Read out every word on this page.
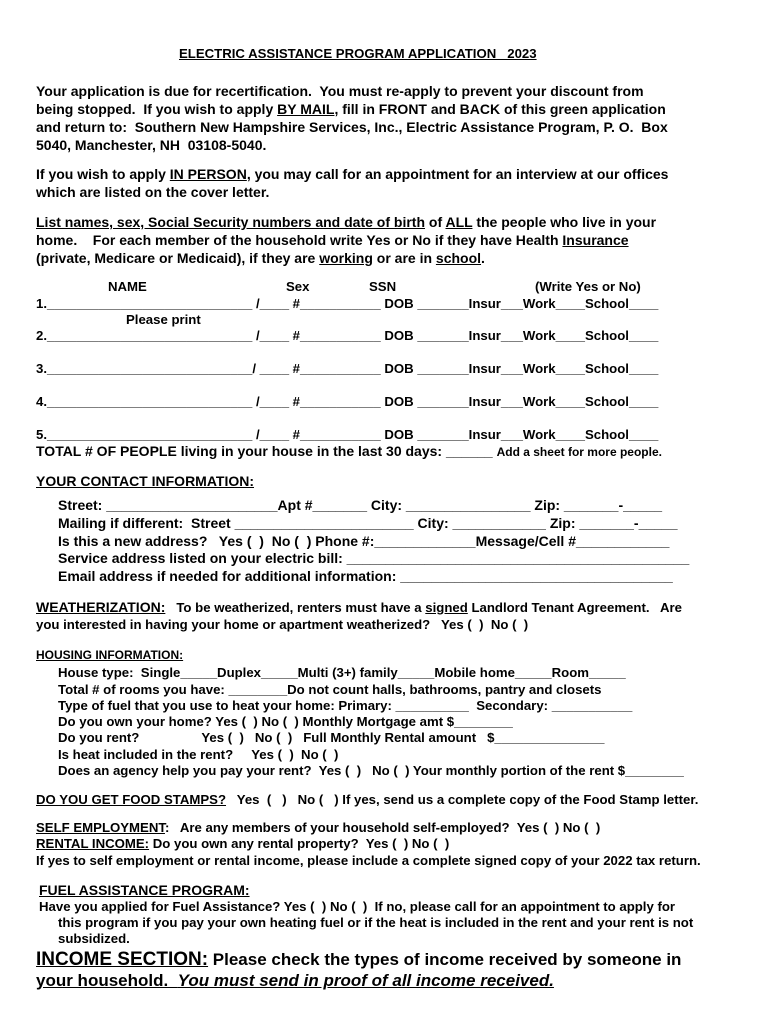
ELECTRIC ASSISTANCE PROGRAM APPLICATION   2023
Your application is due for recertification.  You must re-apply to prevent your discount from
being stopped.  If you wish to apply BY MAIL, fill in FRONT and BACK of this green application
and return to:  Southern New Hampshire Services, Inc., Electric Assistance Program, P. O.  Box
5040, Manchester, NH  03108-5040.
If you wish to apply IN PERSON, you may call for an appointment for an interview at our offices
which are listed on the cover letter.
List names, sex, Social Security numbers and date of birth of ALL the people who live in your
home.    For each member of the household write Yes or No if they have Health Insurance
(private, Medicare or Medicaid), if they are working or are in school.
NAME	Sex	SSN	(Write Yes or No)
1.____________________________ /____ #___________ DOB _______Insur___Work____School____
Please print
2.____________________________ /____ #___________ DOB _______Insur___Work____School____
3.____________________________/ ____ #___________ DOB _______Insur___Work____School____
4.____________________________ /____ #___________ DOB _______Insur___Work____School____
5.____________________________ /____ #___________ DOB _______Insur___Work____School____
TOTAL # OF PEOPLE living in your house in the last 30 days: ______ Add a sheet for more people.
YOUR CONTACT INFORMATION:
Street: ______________________Apt #_______ City: ________________ Zip: _______-_____
Mailing if different:  Street _______________________ City: ____________ Zip: _______-_____
Is this a new address?   Yes (  )  No (  ) Phone #:_____________Message/Cell #____________
Service address listed on your electric bill: ____________________________________________
Email address if needed for additional information: ___________________________________
WEATHERIZATION:   To be weatherized, renters must have a signed Landlord Tenant Agreement.   Are
you interested in having your home or apartment weatherized?   Yes (  )  No (  )
HOUSING INFORMATION:
House type:  Single_____Duplex_____Multi (3+) family_____Mobile home_____Room_____
Total # of rooms you have: ________Do not count halls, bathrooms, pantry and closets
Type of fuel that you use to heat your home: Primary: __________  Secondary: ___________
Do you own your home? Yes (  ) No (  ) Monthly Mortgage amt $________
Do you rent?                 Yes (  )   No (  )   Full Monthly Rental amount   $_______________
Is heat included in the rent?     Yes (  )  No (  )
Does an agency help you pay your rent?  Yes (  )   No (  ) Your monthly portion of the rent $________
DO YOU GET FOOD STAMPS?   Yes  (   )   No (   ) If yes, send us a complete copy of the Food Stamp letter.
SELF EMPLOYMENT:   Are any members of your household self-employed?  Yes (  ) No (  )
RENTAL INCOME: Do you own any rental property?  Yes (  ) No (  )
If yes to self employment or rental income, please include a complete signed copy of your 2022 tax return.
FUEL ASSISTANCE PROGRAM:
Have you applied for Fuel Assistance? Yes (  ) No (  )  If no, please call for an appointment to apply for
this program if you pay your own heating fuel or if the heat is included in the rent and your rent is not
subsidized.
INCOME SECTION: Please check the types of income received by someone in
your household.  You must send in proof of all income received.
